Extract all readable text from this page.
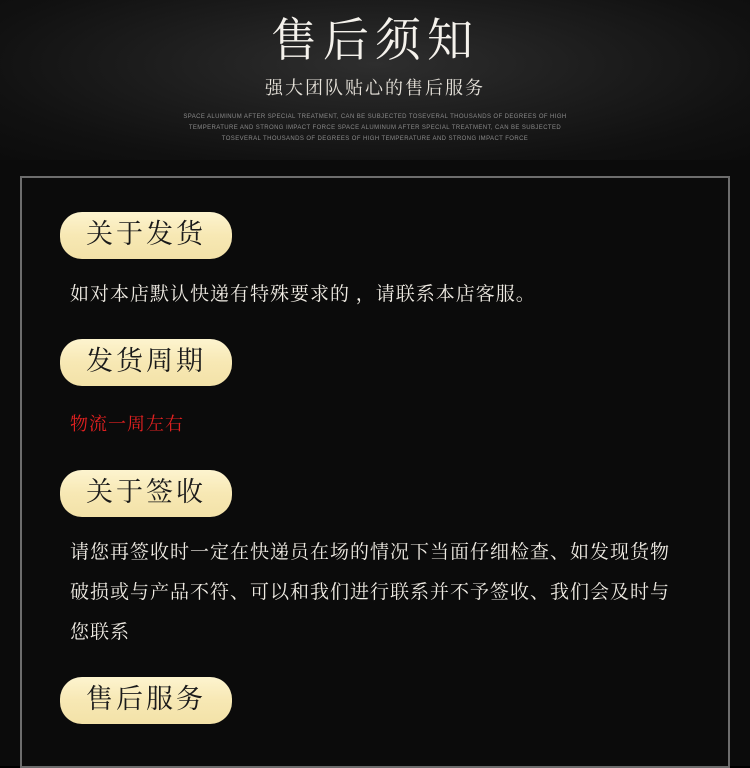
售后须知
强大团队贴心的售后服务
SPACE ALUMINUM AFTER SPECIAL TREATMENT, CAN BE SUBJECTED TOSEVERAL THOUSANDS OF DEGREES OF HIGH
TEMPERATURE AND STRONG IMPACT FORCE SPACE ALUMINUM AFTER SPECIAL TREATMENT, CAN BE SUBJECTED
TOSEVERAL THOUSANDS OF DEGREES OF HIGH TEMPERATURE AND STRONG IMPACT FORCE
关于发货
如对本店默认快递有特殊要求的 ，请联系本店客服。
发货周期
物流一周左右
关于签收
请您再签收时一定在快递员在场的情况下当面仔细检查、如发现货物破损或与产品不符、可以和我们进行联系并不予签收、我们会及时与您联系
售后服务
